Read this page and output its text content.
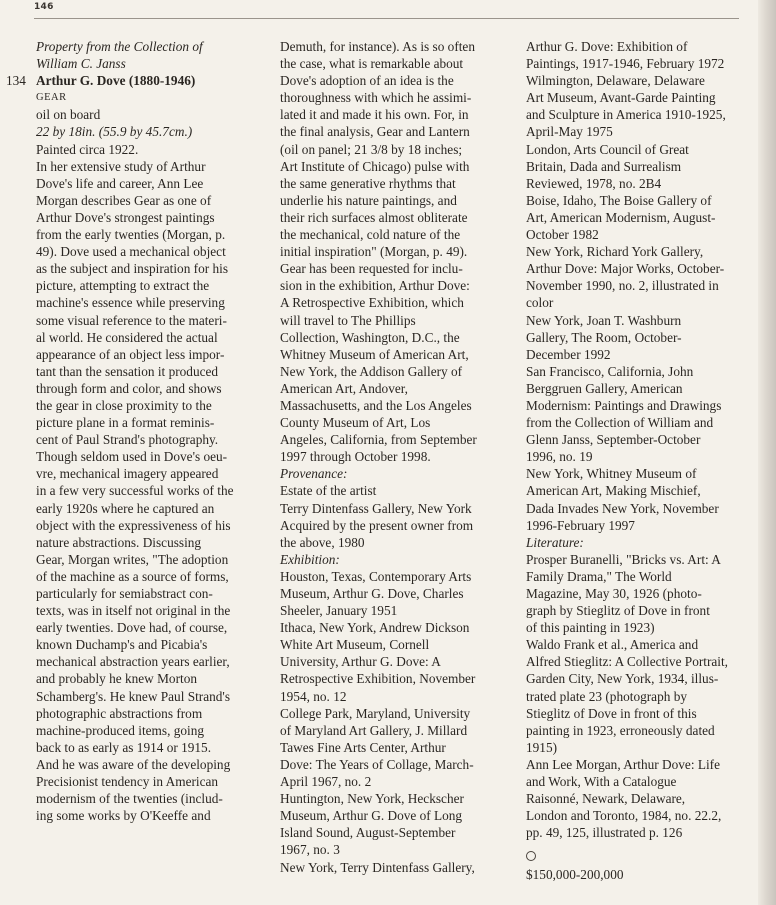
146

Property from the Collection of
William C. Janss

134 Arthur G. Dove (1880-1946)

GEAR

oil on board

22 by 18in. (55.9 by 45.7cm.)

Painted circa 1922.

In her extensive study of Arthur
Dove's life and career, Ann Lee
Morgan describes Gear as one of
Arthur Dove's strongest paintings
from the early twenties (Morgan, p.
49). Dove used a mechanical object
as the subject and inspiration for his
picture, attempting to extract the
machine's essence while preserving
some visual reference to the materi-
al world. He considered the actual
appearance of an object less impor-
tant than the sensation it produced
through form and color, and shows
the gear in close proximity to the
picture plane in a format reminis-
cent of Paul Strand's photography.
Though seldom used in Dove's oeu-
vre, mechanical imagery appeared
in a few very successful works of the
early 1920s where he captured an
object with the expressiveness of his
nature abstractions. Discussing
Gear, Morgan writes, "The adoption
of the machine as a source of forms,
particularly for semiabstract con-
texts, was in itself not original in the
early twenties. Dove had, of course,
known Duchamp's and Picabia's
mechanical abstraction years earlier,
and probably he knew Morton
Schamberg's. He knew Paul Strand's
photographic abstractions from
machine-produced items, going
back to as early as 1914 or 1915.
And he was aware of the developing
Precisionist tendency in American
modernism of the twenties (includ-
ing some works by O'Keeffe and

Demuth, for instance). As is so often
the case, what is remarkable about
Dove's adoption of an idea is the
thoroughness with which he assimi-
lated it and made it his own. For, in
the final analysis, Gear and Lantern
(oil on panel; 21 3/8 by 18 inches;
Art Institute of Chicago) pulse with
the same generative rhythms that
underlie his nature paintings, and
their rich surfaces almost obliterate
the mechanical, cold nature of the
initial inspiration" (Morgan, p. 49).

Gear has been requested for inclu-
sion in the exhibition, Arthur Dove:
A Retrospective Exhibition, which
will travel to The Phillips
Collection, Washington, D.C., the
Whitney Museum of American Art,
New York, the Addison Gallery of
American Art, Andover,
Massachusetts, and the Los Angeles
County Museum of Art, Los
Angeles, California, from September
1997 through October 1998.

Provenance:

Estate of the artist
Terry Dintenfass Gallery, New York
Acquired by the present owner from
the above, 1980

Exhibition:

Houston, Texas, Contemporary Arts
Museum, Arthur G. Dove, Charles
Sheeler, January 1951
Ithaca, New York, Andrew Dickson
White Art Museum, Cornell
University, Arthur G. Dove: A
Retrospective Exhibition, November
1954, no. 12
College Park, Maryland, University
of Maryland Art Gallery, J. Millard
Tawes Fine Arts Center, Arthur
Dove: The Years of Collage, March-
April 1967, no. 2
Huntington, New York, Heckscher
Museum, Arthur G. Dove of Long
Island Sound, August-September
1967, no. 3
New York, Terry Dintenfass Gallery,

Arthur G. Dove: Exhibition of
Paintings, 1917-1946, February 1972
Wilmington, Delaware, Delaware
Art Museum, Avant-Garde Painting
and Sculpture in America 1910-1925,
April-May 1975
London, Arts Council of Great
Britain, Dada and Surrealism
Reviewed, 1978, no. 2B4
Boise, Idaho, The Boise Gallery of
Art, American Modernism, August-
October 1982
New York, Richard York Gallery,
Arthur Dove: Major Works, October-
November 1990, no. 2, illustrated in
color
New York, Joan T. Washburn
Gallery, The Room, October-
December 1992
San Francisco, California, John
Berggruen Gallery, American
Modernism: Paintings and Drawings
from the Collection of William and
Glenn Janss, September-October
1996, no. 19
New York, Whitney Museum of
American Art, Making Mischief,
Dada Invades New York, November
1996-February 1997

Literature:

Prosper Buranelli, "Bricks vs. Art: A
Family Drama," The World
Magazine, May 30, 1926 (photo-
graph by Stieglitz of Dove in front
of this painting in 1923)
Waldo Frank et al., America and
Alfred Stieglitz: A Collective Portrait,
Garden City, New York, 1934, illus-
trated plate 23 (photograph by
Stieglitz of Dove in front of this
painting in 1923, erroneously dated
1915)
Ann Lee Morgan, Arthur Dove: Life
and Work, With a Catalogue
Raisonné, Newark, Delaware,
London and Toronto, 1984, no. 22.2,
pp. 49, 125, illustrated p. 126

$150,000-200,000
